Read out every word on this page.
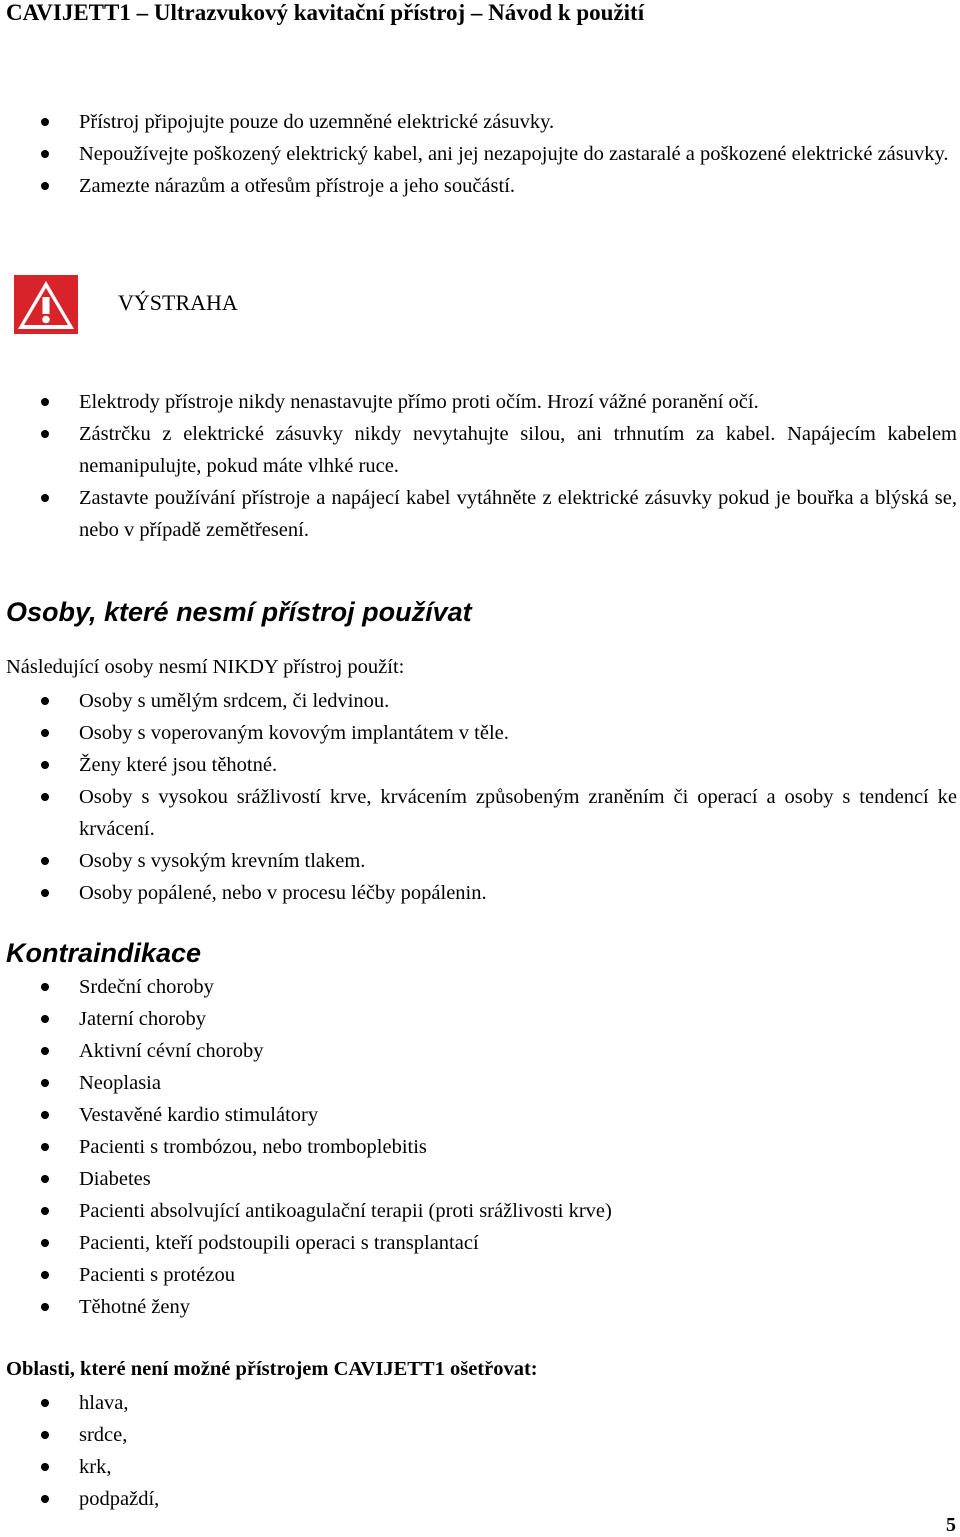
CAVIJETT1 – Ultrazvukový kavitační přístroj – Návod k použití
Přístroj připojujte pouze do uzemněné elektrické zásuvky.
Nepoužívejte poškozený elektrický kabel, ani jej nezapojujte do zastaralé a poškozené elektrické zásuvky.
Zamezte nárazům a otřesům přístroje a jeho součástí.
VÝSTRAHA
Elektrody přístroje nikdy nenastavujte přímo proti očím. Hrozí vážné poranění očí.
Zástrčku z elektrické zásuvky nikdy nevytahujte silou, ani trhnutím za kabel. Napájecím kabelem nemanipulujte, pokud máte vlhké ruce.
Zastavte používání přístroje a napájecí kabel vytáhněte z elektrické zásuvky pokud je bouřka a blýská se, nebo v případě zemětřesení.
Osoby, které nesmí přístroj používat
Následující osoby nesmí NIKDY přístroj použít:
Osoby s umělým srdcem, či ledvinou.
Osoby s voperovaným kovovým implantátem v těle.
Ženy které jsou těhotné.
Osoby s vysokou srážlivostí krve, krvácením způsobeným zraněním či operací a osoby s tendencí ke krvácení.
Osoby s vysokým krevním tlakem.
Osoby popálené, nebo v procesu léčby popálenin.
Kontraindikace
Srdeční choroby
Jaterní choroby
Aktivní cévní choroby
Neoplasia
Vestavěné kardio stimulátory
Pacienti s trombózou, nebo tromboplebitis
Diabetes
Pacienti absolvující antikoagulační terapii (proti srážlivosti krve)
Pacienti, kteří podstoupili operaci s transplantací
Pacienti s protézou
Těhotné ženy
Oblasti, které není možné přístrojem CAVIJETT1 ošetřovat:
hlava,
srdce,
krk,
podpaždí,
5
